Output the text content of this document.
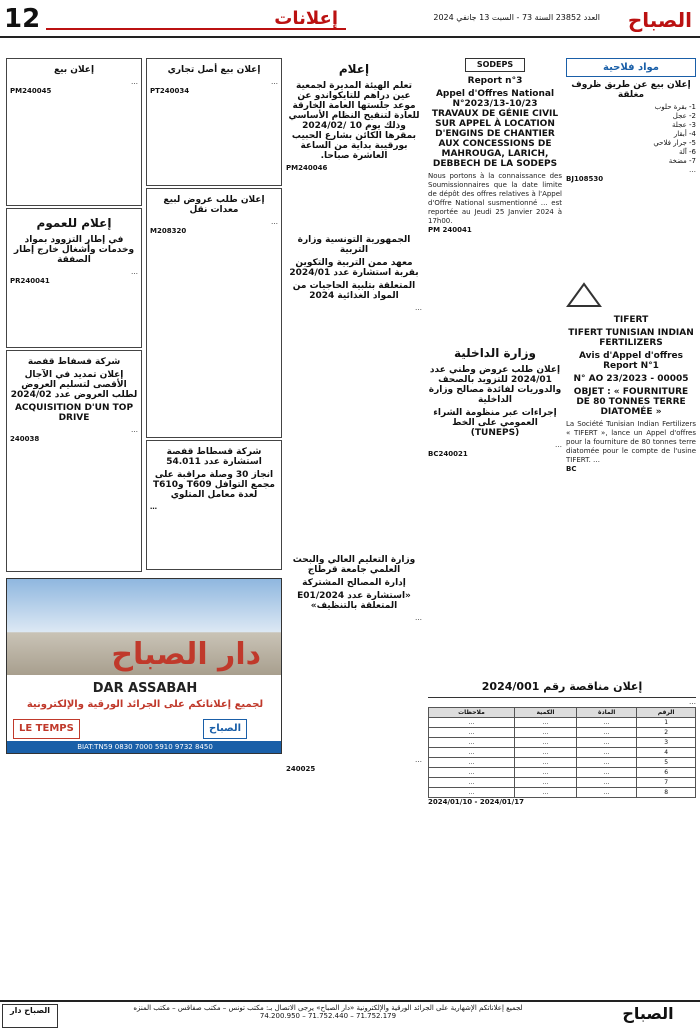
الصباح
العدد 23852 السنة 73 - السبت 13 جانفي 2024
إعلانات
12
مواد فلاحية
إعلان بيع عن طريق ظروف مغلقة
1- بقرة حلوب
2- عجل
3- عجلة
4- أبقار
5- جرار فلاحي
6- آلة
7- مضخة
…
BJ108530
TIFERT
TIFERT TUNISIAN INDIAN FERTILIZERS
Avis d'Appel d'offres Report N°1
N° AO 23/2023 - 00005
OBJET : « FOURNITURE DE 80 TONNES TERRE DIATOMÉE »
La Société Tunisian Indian Fertilizers « TIFERT », lance un Appel d'offres pour la fourniture de 80 tonnes terre diatomée pour le compte de l'usine TIFERT. …
BC
SODEPS
Report n°3
Appel d'Offres National N°2023/13-10/23 TRAVAUX DE GÉNIE CIVIL SUR APPEL À LOCATION D'ENGINS DE CHANTIER AUX CONCESSIONS DE MAHROUGA, LARICH, DEBBECH DE LA SODEPS
Nous portons à la connaissance des Soumissionnaires que la date limite de dépôt des offres relatives à l'Appel d'Offre National susmentionné … est reportée au Jeudi 25 Janvier 2024 à 17h00.
PM 240041
وزارة الداخلية
إعلان طلب عروض وطني عدد 2024/01 للتزويد بالصحف والدوريات لفائدة مصالح وزارة الداخلية
إجراءات عبر منظومة الشراء العمومي على الخط (TUNEPS)
…
BC240021
إعلام
تعلم الهيئة المديرة لجمعية عين دراهم للتايكواندو عن موعد جلستها العامة الخارقة للعادة لتنقيح النظام الأساسي وذلك يوم 10 /2024/02 بمقرها الكائن بشارع الحبيب بورقيبة بداية من الساعة العاشرة صباحا.
PM240046
الجمهورية التونسية وزارة التربية
معهد ممن التربية والتكوين بقربة استشارة عدد 2024/01
المتعلقة بتلبية الحاجيات من المواد الغذائية 2024
…
وزارة التعليم العالي والبحث العلمي جامعة قرطاج
إدارة المصالح المشتركة
«استشارة عدد 2024/E01 المتعلقة بالتنظيف»
…
إعلان بيع أصل تجاري
…
PT240034
إعلان طلب عروض لبيع معدات نقل
…
M208320
شركة قسطاط قفصة استشارة عدد 54.011
انجاز 30 وصلة مراقبة على مجمع التوافل T609 وT610 لعدة معامل المتلوي
…
إعلان بيع
…
PM240045
إعلام للعموم
في إطار التزوود بمواد وخدمات وأشغال خارج إطار الصفقة
…
PR240041
شركة فسفاط قفصة
إعلان تمديد في الآجال الأقصى لتسليم العروض لطلب العروض عدد 2024/02
ACQUISITION D'UN TOP DRIVE
…
240038
دار الصباح
DAR ASSABAH
لجميع إعلاناتكم على الجرائد الورقية والإلكترونية
LE TEMPS	الصباح
BIAT:TN59 0830 7000 5910 9732 8450
إعلان مناقصة رقم 2024/001
…
الرقم	المادة	الكمية	ملاحظات
1	…	…	…
2	…	…	…
3	…	…	…
4	…	…	…
5	…	…	…
6	…	…	…
7	…	…	…
8	…	…	…
2024/01/10 - 2024/01/17
…
240025
الصباح
لجميع إعلاناتكم الإشهارية على الجرائد الورقية والإلكترونية «دار الصباح» يرجى الاتصال بـ: مكتب تونس – مكتب صفاقس – مكتب المنزه
71.752.179 – 71.752.440 – 74.200.950
الصباح دار
